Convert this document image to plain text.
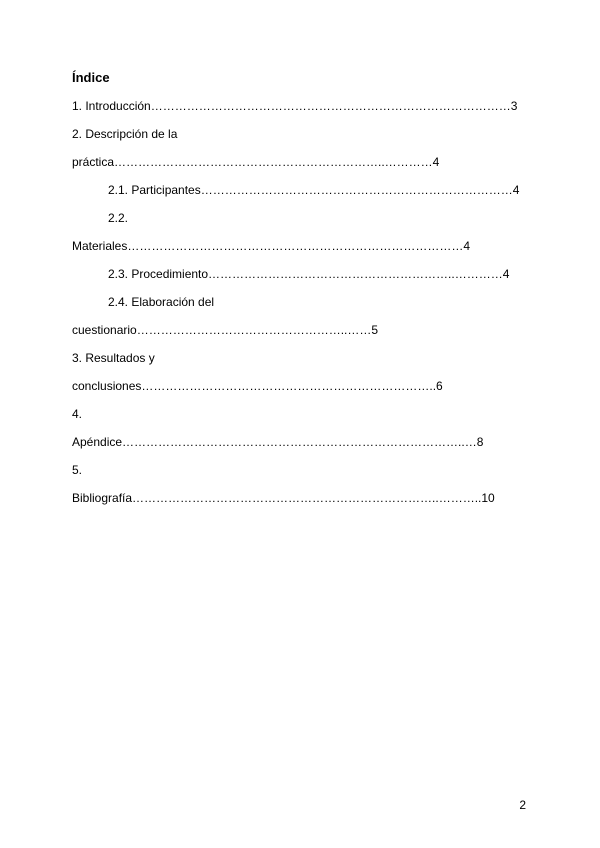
Índice
1. Introducción………………………………………………………………………………3
2. Descripción de la
práctica…………………………………………………………..…………4
2.1. Participantes……………………………………………………………………4
2.2.
Materiales…………………………………………………………………………4
2.3. Procedimiento……………………………………………………..…………4
2.4. Elaboración del
cuestionario……………………………………………..……5
3. Resultados y
conclusiones………………………………………………………………..6
4.
Apéndice…………………………………………………………………………..…8
5.
Bibliografía…………………………………………………………………..………..10
2
